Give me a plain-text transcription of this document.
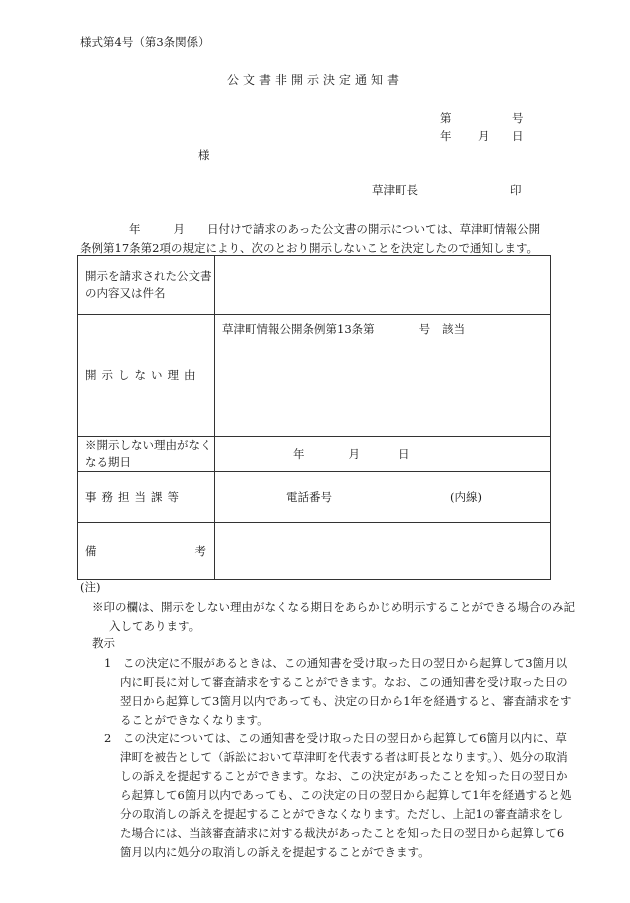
様式第4号（第3条関係）
公文書非開示決定通知書
第	号
年 月 日
様
草津町長	印
年	月 日付けで請求のあった公文書の開示については、草津町情報公開条例第17条第2項の規定により、次のとおり開示しないことを決定したので通知します。
開示を請求された公文書の内容又は件名	
開示しない理由	草津町情報公開条例第13条第 号 該当

※開示しない理由がなくなる期日	年 月 日
事務担当課等	電話番号 (内線)

備 考	

(注)
※印の欄は、開示をしない理由がなくなる期日をあらかじめ明示することができる場合のみ記入してあります。
教示
1　この決定に不服があるときは、この通知書を受け取った日の翌日から起算して3箇月以内に町長に対して審査請求をすることができます。なお、この通知書を受け取った日の翌日から起算して3箇月以内であっても、決定の日から1年を経過すると、審査請求をすることができなくなります。
2　この決定については、この通知書を受け取った日の翌日から起算して6箇月以内に、草津町を被告として（訴訟において草津町を代表する者は町長となります。）、処分の取消しの訴えを提起することができます。なお、この決定があったことを知った日の翌日から起算して6箇月以内であっても、この決定の日の翌日から起算して1年を経過すると処分の取消しの訴えを提起することができなくなります。ただし、上記1の審査請求をした場合には、当該審査請求に対する裁決があったことを知った日の翌日から起算して6箇月以内に処分の取消しの訴えを提起することができます。
